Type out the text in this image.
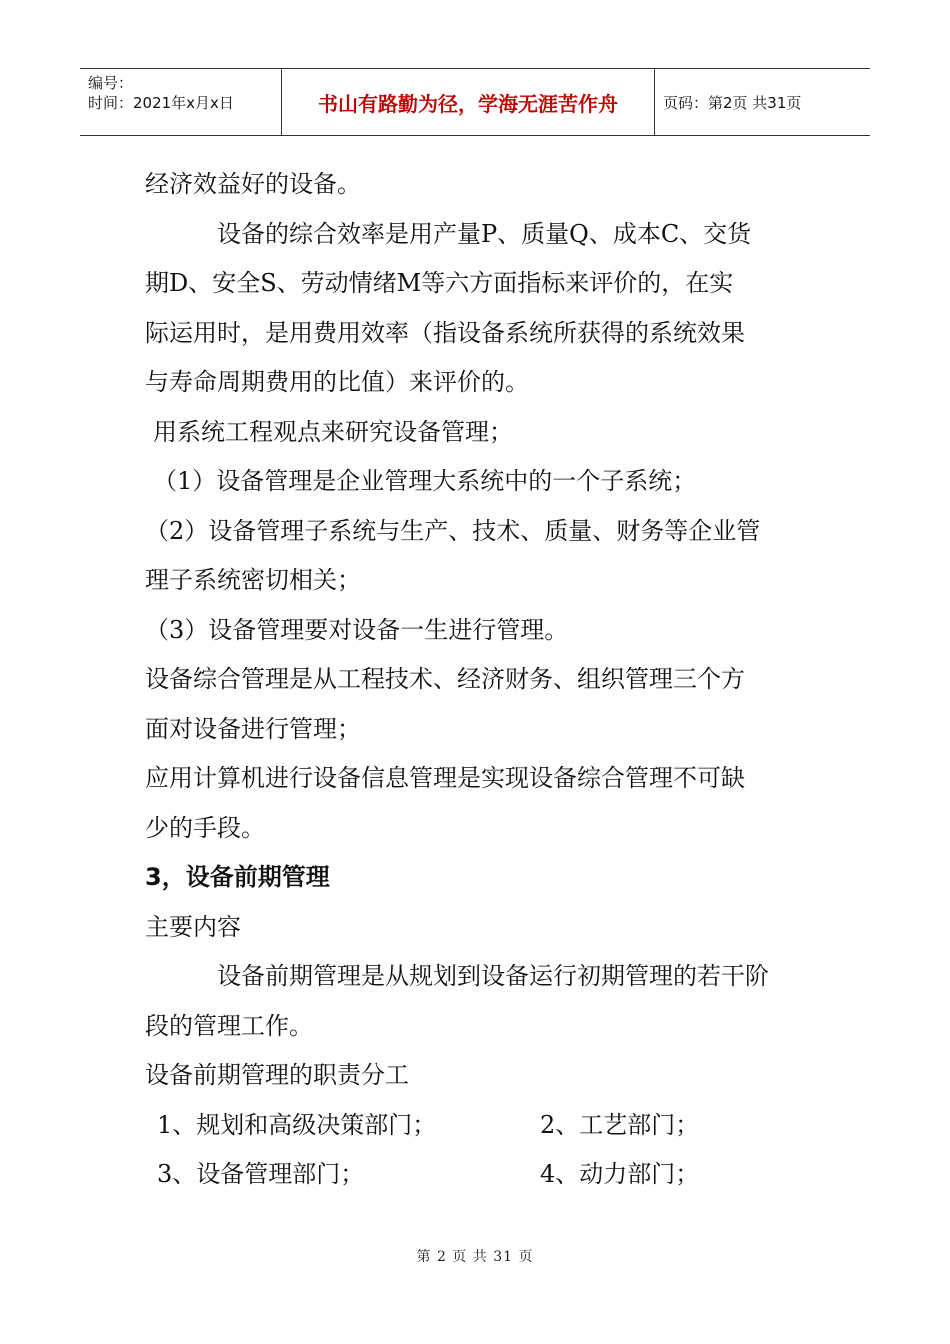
编号：
时间：2021年x月x日	书山有路勤为径，学海无涯苦作舟	页码：第2页 共31页

经济效益好的设备。

设备的综合效率是用产量P、质量Q、成本C、交货

期D、安全S、劳动情绪M等六方面指标来评价的，在实

际运用时，是用费用效率（指设备系统所获得的系统效果

与寿命周期费用的比值）来评价的。

用系统工程观点来研究设备管理；

（1）设备管理是企业管理大系统中的一个子系统；

（2）设备管理子系统与生产、技术、质量、财务等企业管

理子系统密切相关；

（3）设备管理要对设备一生进行管理。

设备综合管理是从工程技术、经济财务、组织管理三个方

面对设备进行管理；

应用计算机进行设备信息管理是实现设备综合管理不可缺

少的手段。

3，设备前期管理

主要内容

设备前期管理是从规划到设备运行初期管理的若干阶

段的管理工作。

设备前期管理的职责分工

1、规划和高级决策部门；	2、工艺部门；
3、设备管理部门；	4、动力部门；
第 2 页 共 31 页
